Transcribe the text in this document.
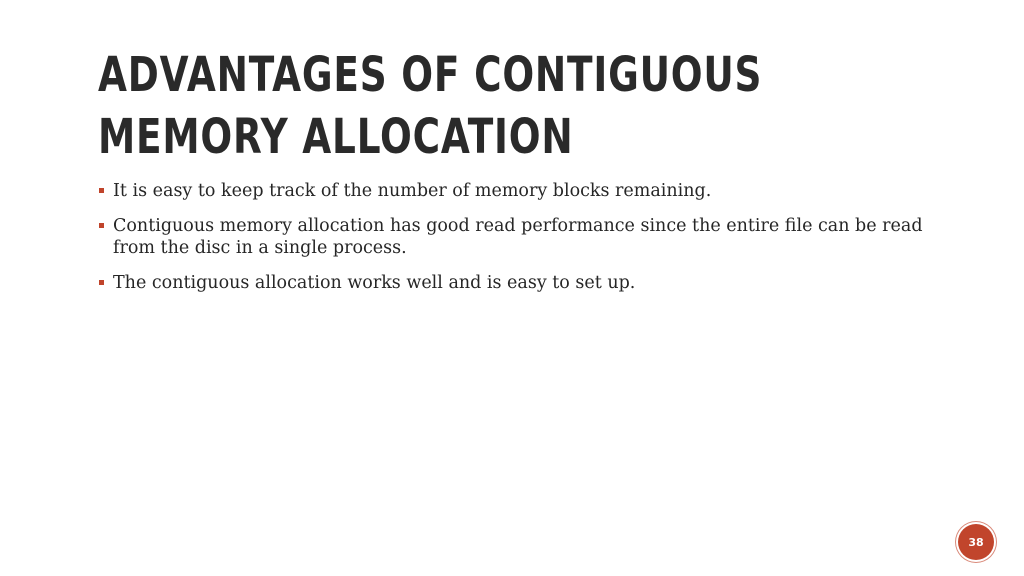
ADVANTAGES OF CONTIGUOUS MEMORY ALLOCATION
It is easy to keep track of the number of memory blocks remaining.
Contiguous memory allocation has good read performance since the entire file can be read from the disc in a single process.
The contiguous allocation works well and is easy to set up.
38
